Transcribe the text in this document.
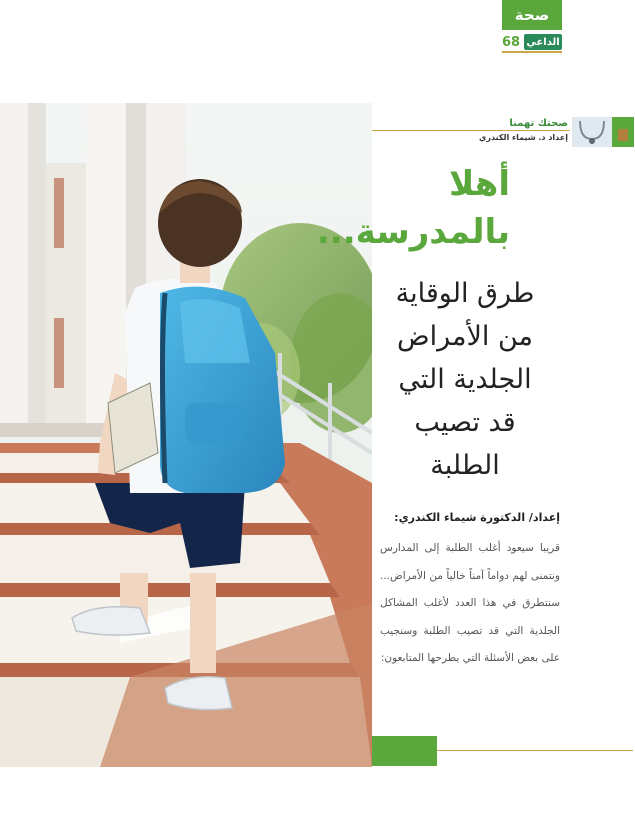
صحة
68 الداعي
صحتك تهمنا
إعداد د. شيماء الكندري
أهلا
بالمدرسة...
طرق الوقاية
من الأمراض
الجلدية التي
قد تصيب
الطلبة
إعداد/ الدكتورة شيماء الكندري:
قريبا سيعود أغلب الطلبة إلى المدارس ونتمنى لهم دواماً آمناً خالياً من الأمراض... سنتطرق في هذا العدد لأغلب المشاكل الجلدية التي قد تصيب الطلبة وسنجيب على بعض الأسئلة التي يطرحها المتابعون:
